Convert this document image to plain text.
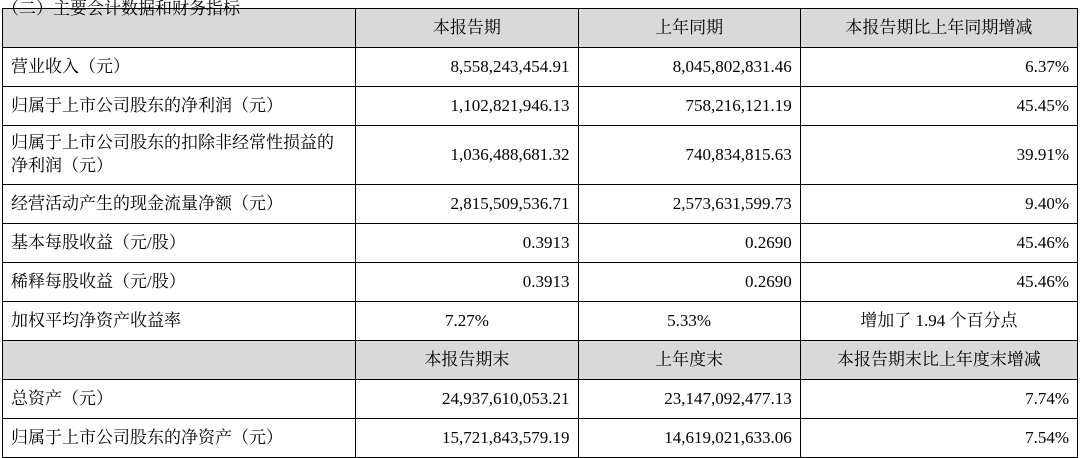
	本报告期	上年同期	本报告期比上年同期增减
营业收入（元）	8,558,243,454.91	8,045,802,831.46	6.37%
归属于上市公司股东的净利润（元）	1,102,821,946.13	758,216,121.19	45.45%
归属于上市公司股东的扣除非经常性损益的净利润（元）	1,036,488,681.32	740,834,815.63	39.91%
经营活动产生的现金流量净额（元）	2,815,509,536.71	2,573,631,599.73	9.40%
基本每股收益（元/股）	0.3913	0.2690	45.46%
稀释每股收益（元/股）	0.3913	0.2690	45.46%
加权平均净资产收益率	7.27%	5.33%	增加了 1.94 个百分点
	本报告期末	上年度末	本报告期末比上年度末增减
总资产（元）	24,937,610,053.21	23,147,092,477.13	7.74%
归属于上市公司股东的净资产（元）	15,721,843,579.19	14,619,021,633.06	7.54%
